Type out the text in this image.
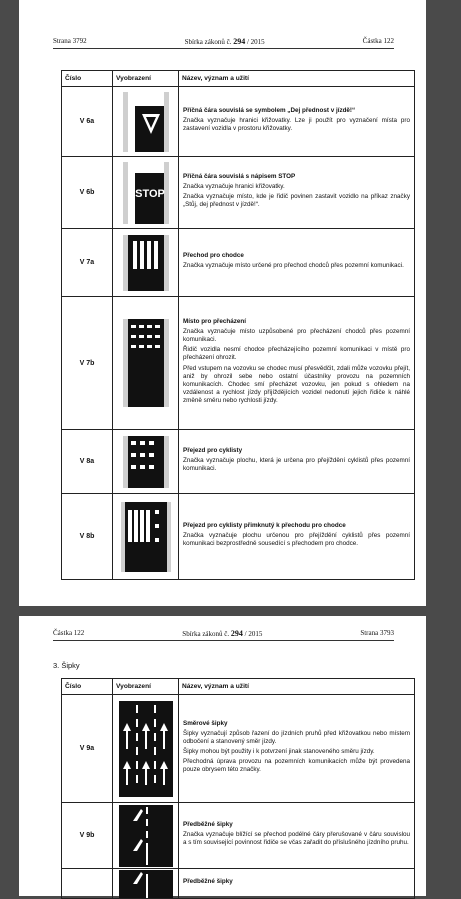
Strana 3792	Sbírka zákonů č. 294 / 2015	Částka 122
Číslo	Vyobrazení	Název, význam a užití
V 6a		Příčná čára souvislá se symbolem „Dej přednost v jízdě!“
Značka vyznačuje hranici křižovatky. Lze ji použít pro vyznačení místa pro zastavení vozidla v prostoru křižovatky.

V 6b	STOP	Příčná čára souvislá s nápisem STOP
Značka vyznačuje hranici křižovatky.
Značka vyznačuje místo, kde je řidič povinen zastavit vozidlo na příkaz značky „Stůj, dej přednost v jízdě!“.

V 7a		Přechod pro chodce
Značka vyznačuje místo určené pro přechod chodců přes pozemní komunikaci.

V 7b		Místo pro přecházení
Značka vyznačuje místo uzpůsobené pro přecházení chodců přes pozemní komunikaci.
Řidič vozidla nesmí chodce přecházejícího pozemní komunikaci v místě pro přecházení ohrozit.
Před vstupem na vozovku se chodec musí přesvědčit, zdali může vozovku přejít, aniž by ohrozil sebe nebo ostatní účastníky provozu na pozemních komunikacích. Chodec smí přecházet vozovku, jen pokud s ohledem na vzdálenost a rychlost jízdy přijíždějících vozidel nedonutí jejich řidiče k náhlé změně směru nebo rychlosti jízdy.

V 8a		Přejezd pro cyklisty
Značka vyznačuje plochu, která je určena pro přejíždění cyklistů přes pozemní komunikaci.

V 8b		Přejezd pro cyklisty přimknutý k přechodu pro chodce
Značka vyznačuje plochu určenou pro přejíždění cyklistů přes pozemní komunikaci bezprostředně sousedící s přechodem pro chodce.
Částka 122	Sbírka zákonů č. 294 / 2015	Strana 3793
3. Šipky
Číslo	Vyobrazení	Název, význam a užití
V 9a		Směrové šipky
Šipky vyznačují způsob řazení do jízdních pruhů před křižovatkou nebo místem odbočení a stanovený směr jízdy.
Šipky mohou být použity i k potvrzení jinak stanoveného směru jízdy.
Přechodná úprava provozu na pozemních komunikacích může být provedena pouze obrysem této značky.

V 9b		Předběžné šipky
Značka vyznačuje blížící se přechod podélné čáry přerušované v čáru souvislou a s tím související povinnost řidiče se včas zařadit do příslušného jízdního pruhu.

Předběžné šipky
